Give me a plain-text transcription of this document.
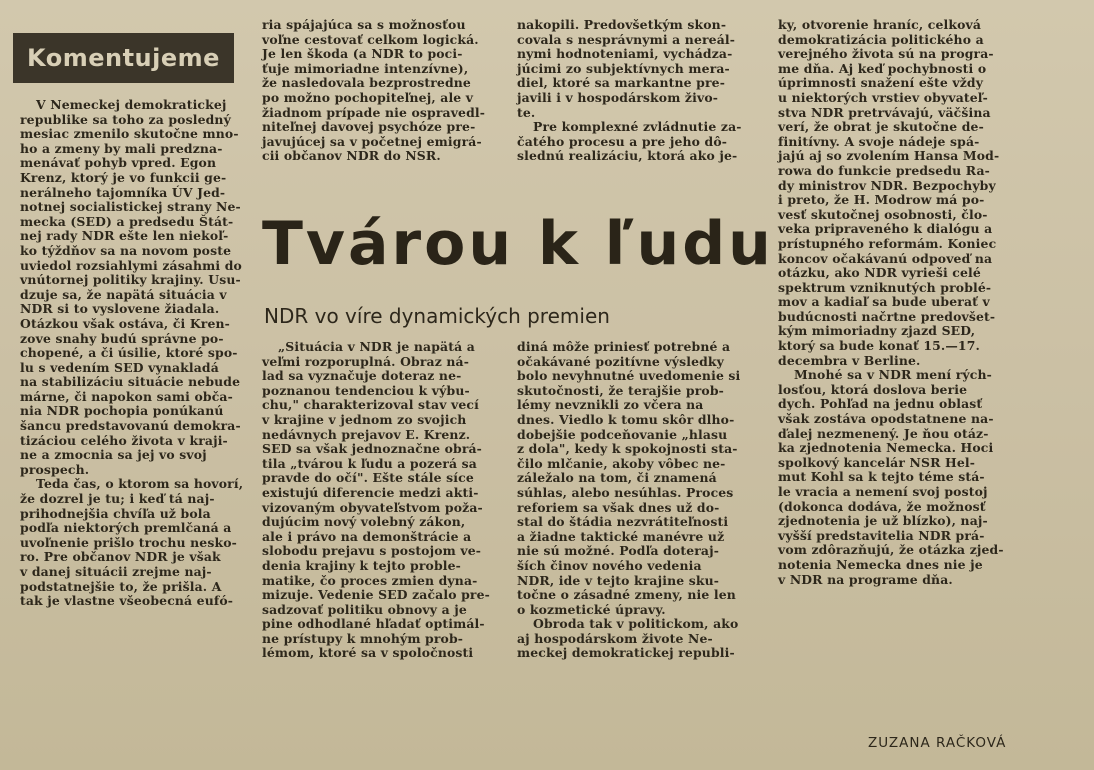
Komentujeme
V Nemeckej demokratickej
republike sa toho za posledný
mesiac zmenilo skutočne mno-
ho a zmeny by mali predzna-
menávať pohyb vpred. Egon
Krenz, ktorý je vo funkcii ge-
nerálneho tajomníka ÚV Jed-
notnej socialistickej strany Ne-
mecka (SED) a predsedu Štát-
nej rady NDR ešte len niekoľ-
ko týždňov sa na novom poste
uviedol rozsiahlymi zásahmi do
vnútornej politiky krajiny. Usu-
dzuje sa, že napätá situácia v
NDR si to vyslovene žiadala.
Otázkou však ostáva, či Kren-
zove snahy budú správne po-
chopené, a či úsilie, ktoré spo-
lu s vedením SED vynakladá
na stabilizáciu situácie nebude
márne, či napokon sami obča-
nia NDR pochopia ponúkanú
šancu predstavovanú demokra-
tizáciou celého života v kraji-
ne a zmocnia sa jej vo svoj
prospech.
Teda čas, o ktorom sa hovorí,
že dozrel je tu; i keď tá naj-
prihodnejšia chvíľa už bola
podľa niektorých premlčaná a
uvoľnenie prišlo trochu nesko-
ro. Pre občanov NDR je však
v danej situácii zrejme naj-
podstatnejšie to, že prišla. A
tak je vlastne všeobecná eufó-
ria spájajúca sa s možnosťou
voľne cestovať celkom logická.
Je len škoda (a NDR to poci-
ťuje mimoriadne intenzívne),
že nasledovala bezprostredne
po možno pochopiteľnej, ale v
žiadnom prípade nie ospravedl-
niteľnej davovej psychóze pre-
javujúcej sa v početnej emigrá-
cii občanov NDR do NSR.
nakopili. Predovšetkým skon-
covala s nesprávnymi a nereál-
nymi hodnoteniami, vychádza-
júcimi zo subjektívnych mera-
diel, ktoré sa markantne pre-
javili i v hospodárskom živo-
te.
Pre komplexné zvládnutie za-
čatého procesu a pre jeho dô-
slednú realizáciu, ktorá ako je-
Tvárou k ľudu
NDR vo víre dynamických premien
„Situácia v NDR je napätá a
veľmi rozporuplná. Obraz ná-
lad sa vyznačuje doteraz ne-
poznanou tendenciou k výbu-
chu," charakterizoval stav vecí
v krajine v jednom zo svojich
nedávnych prejavov E. Krenz.
SED sa však jednoznačne obrá-
tila „tvárou k ľudu a pozerá sa
pravde do očí". Ešte stále síce
existujú diferencie medzi akti-
vizovaným obyvateľstvom poža-
dujúcim nový volebný zákon,
ale i právo na demonštrácie a
slobodu prejavu s postojom ve-
denia krajiny k tejto proble-
matike, čo proces zmien dyna-
mizuje. Vedenie SED začalo pre-
sadzovať politiku obnovy a je
pine odhodlané hľadať optimál-
ne prístupy k mnohým prob-
lémom, ktoré sa v spoločnosti
diná môže priniesť potrebné a
očakávané pozitívne výsledky
bolo nevyhnutné uvedomenie si
skutočnosti, že terajšie prob-
lémy nevznikli zo včera na
dnes. Viedlo k tomu skôr dlho-
dobejšie podceňovanie „hlasu
z dola", kedy k spokojnosti sta-
čilo mlčanie, akoby vôbec ne-
záležalo na tom, či znamená
súhlas, alebo nesúhlas. Proces
reforiem sa však dnes už do-
stal do štádia nezvrátiteľnosti
a žiadne taktické manévre už
nie sú možné. Podľa doteraj-
ších činov nového vedenia
NDR, ide v tejto krajine sku-
točne o zásadné zmeny, nie len
o kozmetické úpravy.
Obroda tak v politickom, ako
aj hospodárskom živote Ne-
meckej demokratickej republi-
ky, otvorenie hraníc, celková
demokratizácia politického a
verejného života sú na progra-
me dňa. Aj keď pochybnosti o
úprimnosti snažení ešte vždy
u niektorých vrstiev obyvateľ-
stva NDR pretrvávajú, väčšina
verí, že obrat je skutočne de-
finitívny. A svoje nádeje spá-
jajú aj so zvolením Hansa Mod-
rowa do funkcie predsedu Ra-
dy ministrov NDR. Bezpochyby
i preto, že H. Modrow má po-
vesť skutočnej osobnosti, člo-
veka pripraveného k dialógu a
prístupného reformám. Koniec
koncov očakávanú odpoveď na
otázku, ako NDR vyrieši celé
spektrum vzniknutých problé-
mov a kadiaľ sa bude uberať v
budúcnosti načrtne predovšet-
kým mimoriadny zjazd SED,
ktorý sa bude konať 15.—17.
decembra v Berline.
Mnohé sa v NDR mení rých-
losťou, ktorá doslova berie
dych. Pohľad na jednu oblasť
však zostáva opodstatnene na-
ďalej nezmenený. Je ňou otáz-
ka zjednotenia Nemecka. Hoci
spolkový kancelár NSR Hel-
mut Kohl sa k tejto téme stá-
le vracia a nemení svoj postoj
(dokonca dodáva, že možnosť
zjednotenia je už blízko), naj-
vyšší predstavitelia NDR prá-
vom zdôrazňujú, že otázka zjed-
notenia Nemecka dnes nie je
v NDR na programe dňa.
ZUZANA RAČKOVÁ
